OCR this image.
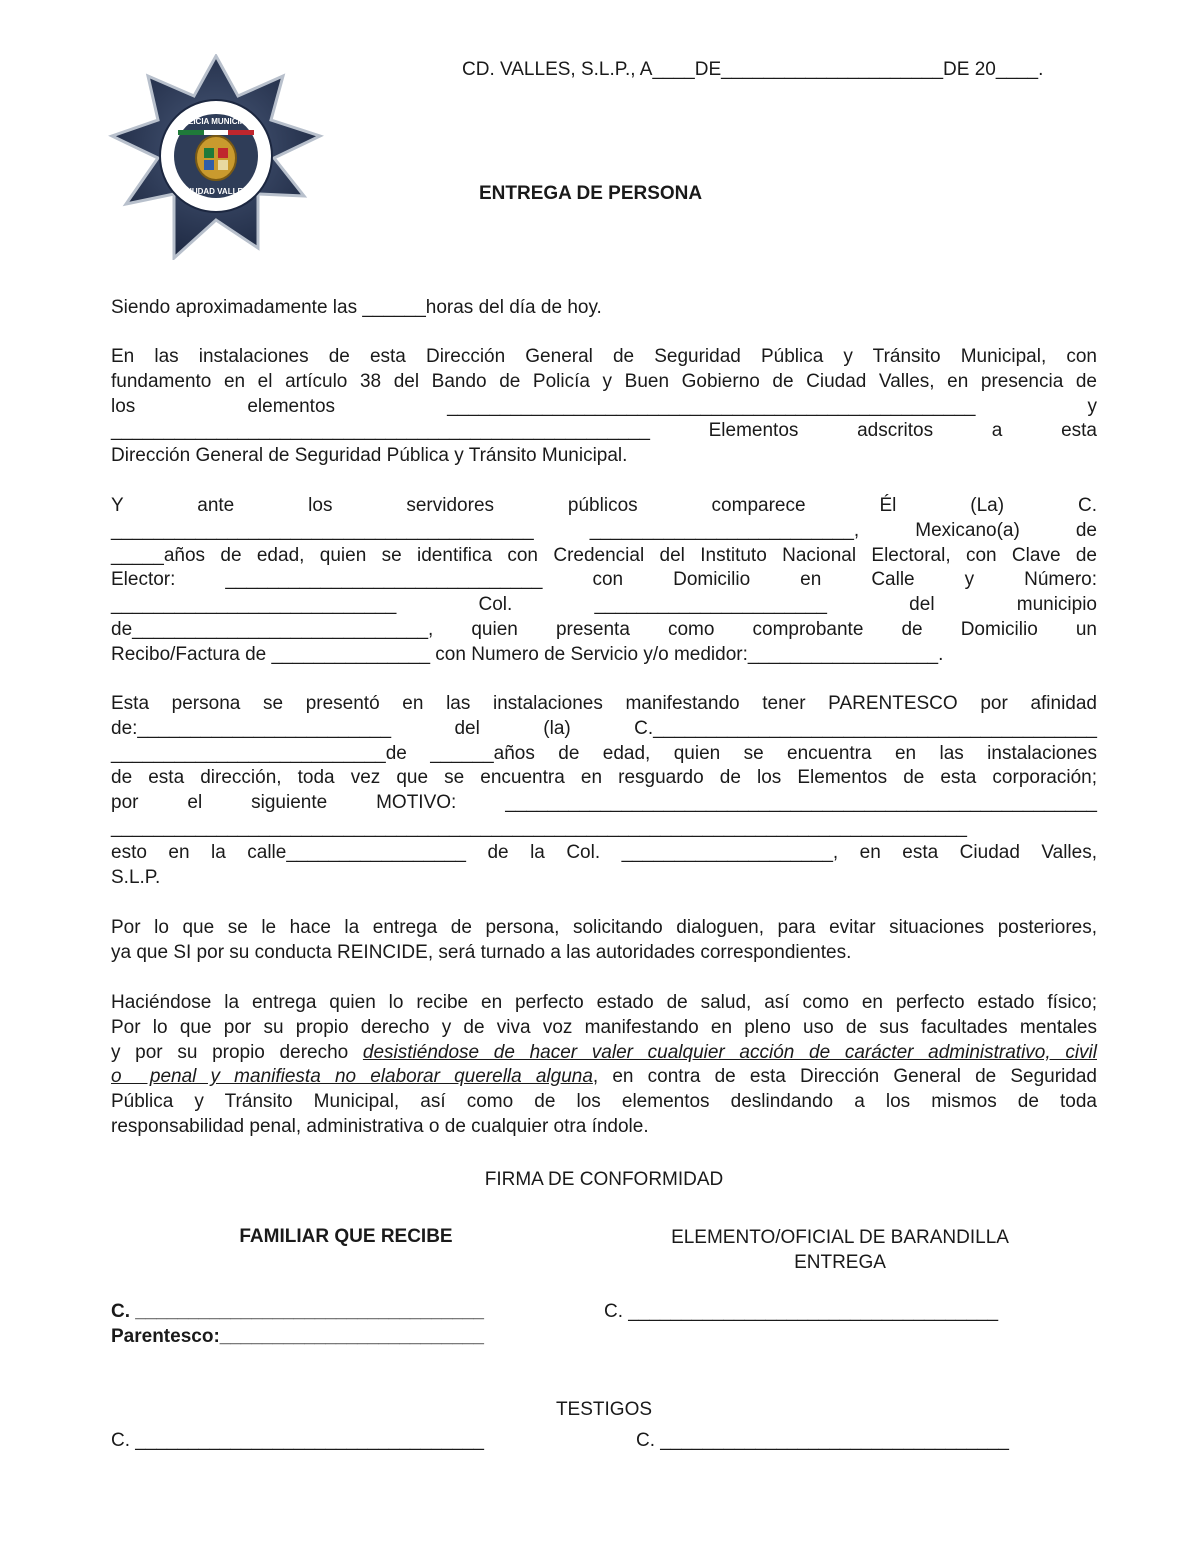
POLICIA MUNICIPAL
CIUDAD VALLES
CD. VALLES, S.L.P., A____DE_____________________DE 20____.
ENTREGA DE PERSONA
Siendo aproximadamente las ______horas del día de hoy.
En las instalaciones de esta Dirección General de Seguridad Pública y Tránsito Municipal, con
fundamento en el artículo 38 del Bando de Policía y Buen Gobierno de Ciudad Valles, en presencia de
los elementos __________________________________________________ y
___________________________________________________ Elementos adscritos a esta
Dirección General de Seguridad Pública y Tránsito Municipal.
Y ante los servidores públicos comparece Él (La) C.
________________________________________ _________________________, Mexicano(a) de
_____años de edad, quien se identifica con Credencial del Instituto Nacional Electoral, con Clave de
Elector: ______________________________ con Domicilio en Calle y Número:
___________________________ Col. ______________________ del municipio
de____________________________, quien presenta como comprobante de Domicilio un
Recibo/Factura de _______________ con Numero de Servicio y/o medidor:__________________.
Esta persona se presentó en las instalaciones manifestando tener PARENTESCO por afinidad
de:________________________ del (la) C.__________________________________________
__________________________de ______años de edad, quien se encuentra en las instalaciones
de esta dirección, toda vez que se encuentra en resguardo de los Elementos de esta corporación;
por el siguiente MOTIVO: ________________________________________________________
_________________________________________________________________________________
esto en la calle_________________ de la Col. ____________________, en esta Ciudad Valles,
S.L.P.
Por lo que se le hace la entrega de persona, solicitando dialoguen, para evitar situaciones posteriores,
ya que SI por su conducta REINCIDE, será turnado a las autoridades correspondientes.
Haciéndose la entrega quien lo recibe en perfecto estado de salud, así como en perfecto estado físico;
Por lo que por su propio derecho y de viva voz manifestando en pleno uso de sus facultades mentales
y por su propio derecho desistiéndose de hacer valer cualquier acción de carácter administrativo, civil
o  penal y manifiesta no elaborar querella alguna, en contra de esta Dirección General de Seguridad
Pública y Tránsito Municipal, así como de los elementos deslindando a los mismos de toda
responsabilidad penal, administrativa o de cualquier otra índole.
FIRMA DE CONFORMIDAD
FAMILIAR QUE RECIBE	ELEMENTO/OFICIAL DE BARANDILLA
ENTREGA
C. _________________________________
Parentesco:_________________________
C. ___________________________________
TESTIGOS
C. _________________________________	C. _________________________________
